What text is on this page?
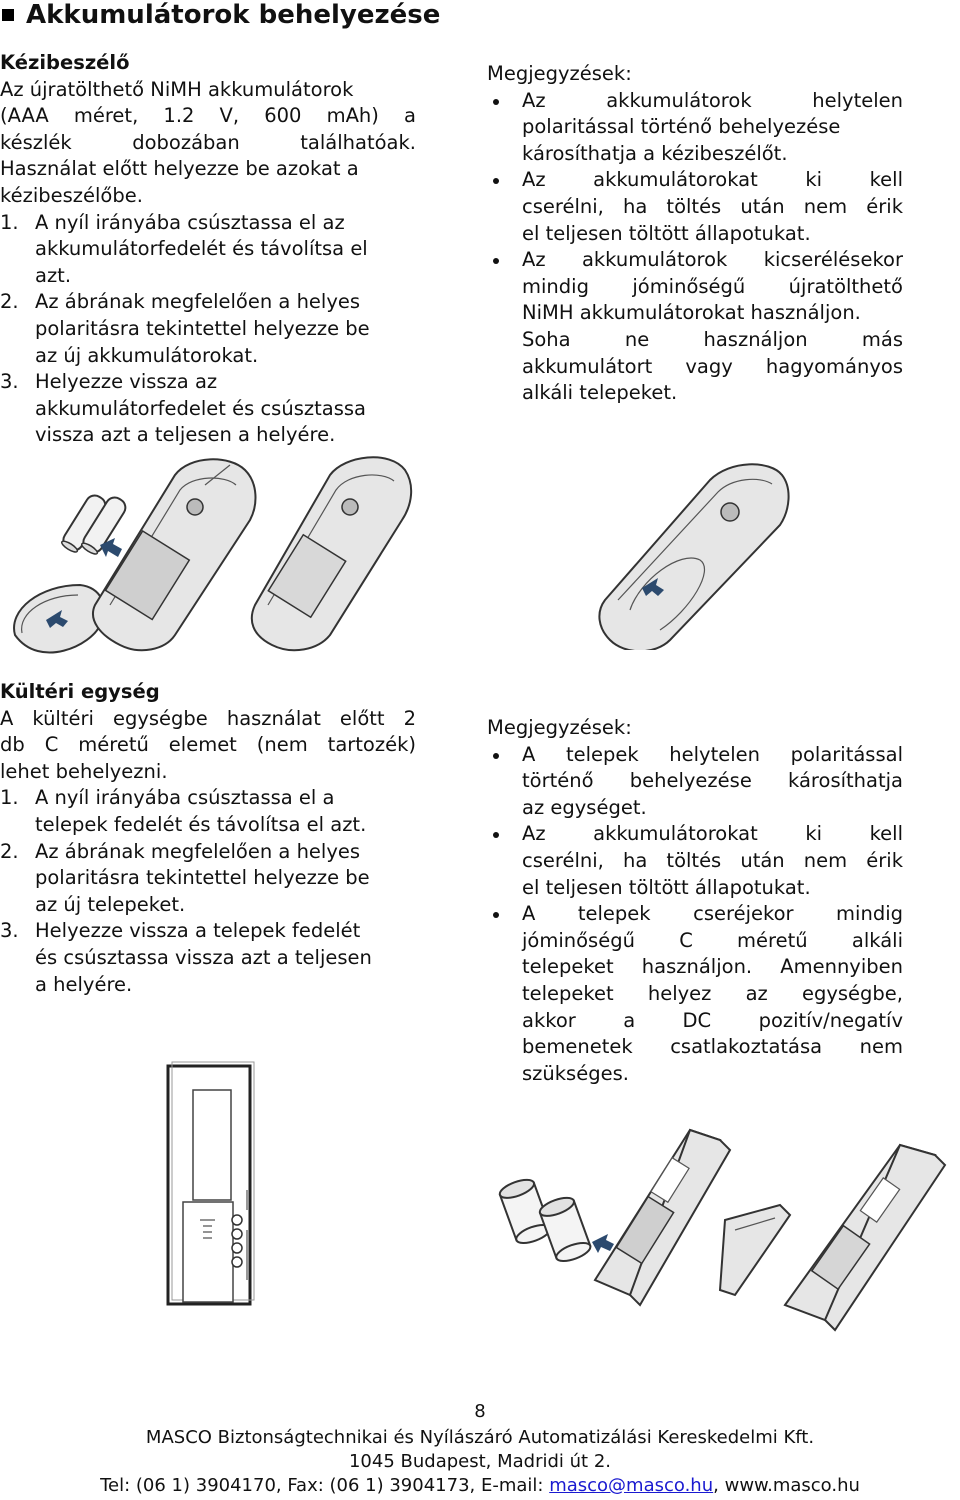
Akkumulátorok behelyezése

Kézibeszélő

Az újratölthető NiMH akkumulátorok

(AAA méret, 1.2 V, 600 mAh) a

készlék dobozában találhatóak.

Használat előtt helyezze be azokat a

kézibeszélőbe.

1. A nyíl irányába csúsztassa el az

akkumulátorfedelét és távolítsa el

azt.

2. Az ábrának megfelelően a helyes

polaritásra tekintettel helyezze be

az új akkumulátorokat.

3. Helyezze vissza az

akkumulátorfedelet és csúsztassa

vissza azt a teljesen a helyére.

Megjegyzések:

Az akkumulátorok helytelen

polaritással történő behelyezése

károsíthatja a kézibeszélőt.

Az akkumulátorokat ki kell

cserélni, ha töltés után nem érik

el teljesen töltött állapotukat.

Az akkumulátorok kicserélésekor

mindig jóminőségű újratölthető

NiMH akkumulátorokat használjon.

Soha ne használjon más

akkumulátort vagy hagyományos

alkáli telepeket.

Kültéri egység

A kültéri egységbe használat előtt 2

db C méretű elemet (nem tartozék)

lehet behelyezni.

1. A nyíl irányába csúsztassa el a

telepek fedelét és távolítsa el azt.

2. Az ábrának megfelelően a helyes

polaritásra tekintettel helyezze be

az új telepeket.

3. Helyezze vissza a telepek fedelét

és csúsztassa vissza azt a teljesen

a helyére.

Megjegyzések:

A telepek helytelen polaritással

történő behelyezése károsíthatja

az egységet.

Az akkumulátorokat ki kell

cserélni, ha töltés után nem érik

el teljesen töltött állapotukat.

A telepek cseréjekor mindig

jóminőségű C méretű alkáli

telepeket használjon. Amennyiben

telepeket helyez az egységbe,

akkor a DC pozitív/negatív

bemenetek csatlakoztatása nem

szükséges.

8
MASCO Biztonságtechnikai és Nyílászáró Automatizálási Kereskedelmi Kft.
1045 Budapest, Madridi út 2.
Tel: (06 1) 3904170, Fax: (06 1) 3904173, E-mail: masco@masco.hu, www.masco.hu
